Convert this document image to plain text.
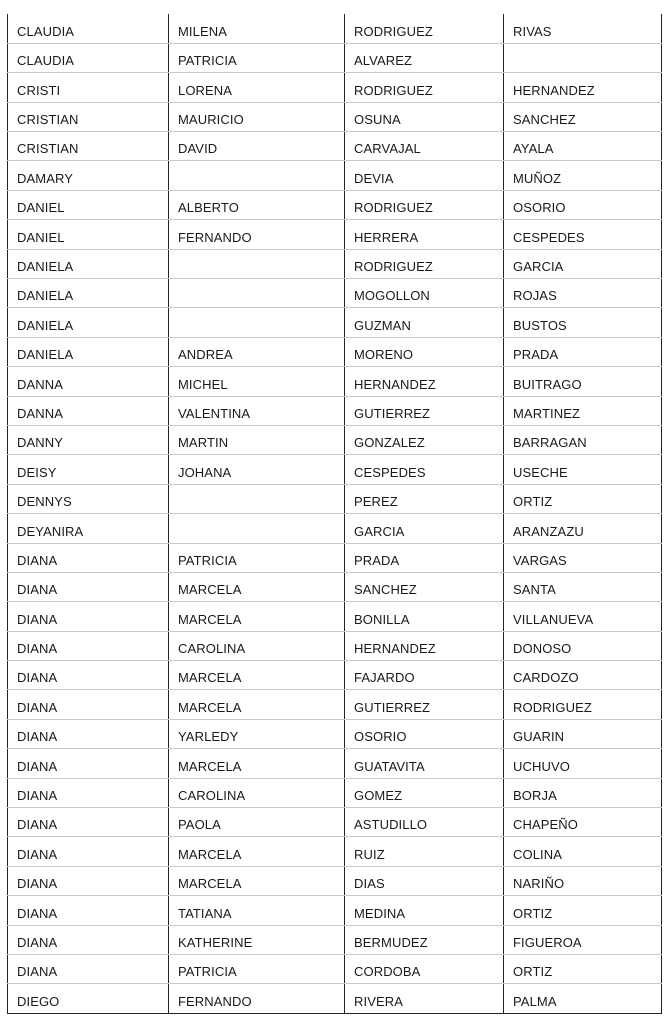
CLAUDIA	MILENA	RODRIGUEZ	RIVAS
CLAUDIA	PATRICIA	ALVAREZ	
CRISTI	LORENA	RODRIGUEZ	HERNANDEZ
CRISTIAN	MAURICIO	OSUNA	SANCHEZ
CRISTIAN	DAVID	CARVAJAL	AYALA
DAMARY		DEVIA	MUÑOZ
DANIEL	ALBERTO	RODRIGUEZ	OSORIO
DANIEL	FERNANDO	HERRERA	CESPEDES
DANIELA		RODRIGUEZ	GARCIA
DANIELA		MOGOLLON	ROJAS
DANIELA		GUZMAN	BUSTOS
DANIELA	ANDREA	MORENO	PRADA
DANNA	MICHEL	HERNANDEZ	BUITRAGO
DANNA	VALENTINA	GUTIERREZ	MARTINEZ
DANNY	MARTIN	GONZALEZ	BARRAGAN
DEISY	JOHANA	CESPEDES	USECHE
DENNYS		PEREZ	ORTIZ
DEYANIRA		GARCIA	ARANZAZU
DIANA	PATRICIA	PRADA	VARGAS
DIANA	MARCELA	SANCHEZ	SANTA
DIANA	MARCELA	BONILLA	VILLANUEVA
DIANA	CAROLINA	HERNANDEZ	DONOSO
DIANA	MARCELA	FAJARDO	CARDOZO
DIANA	MARCELA	GUTIERREZ	RODRIGUEZ
DIANA	YARLEDY	OSORIO	GUARIN
DIANA	MARCELA	GUATAVITA	UCHUVO
DIANA	CAROLINA	GOMEZ	BORJA
DIANA	PAOLA	ASTUDILLO	CHAPEÑO
DIANA	MARCELA	RUIZ	COLINA
DIANA	MARCELA	DIAS	NARIÑO
DIANA	TATIANA	MEDINA	ORTIZ
DIANA	KATHERINE	BERMUDEZ	FIGUEROA
DIANA	PATRICIA	CORDOBA	ORTIZ
DIEGO	FERNANDO	RIVERA	PALMA
